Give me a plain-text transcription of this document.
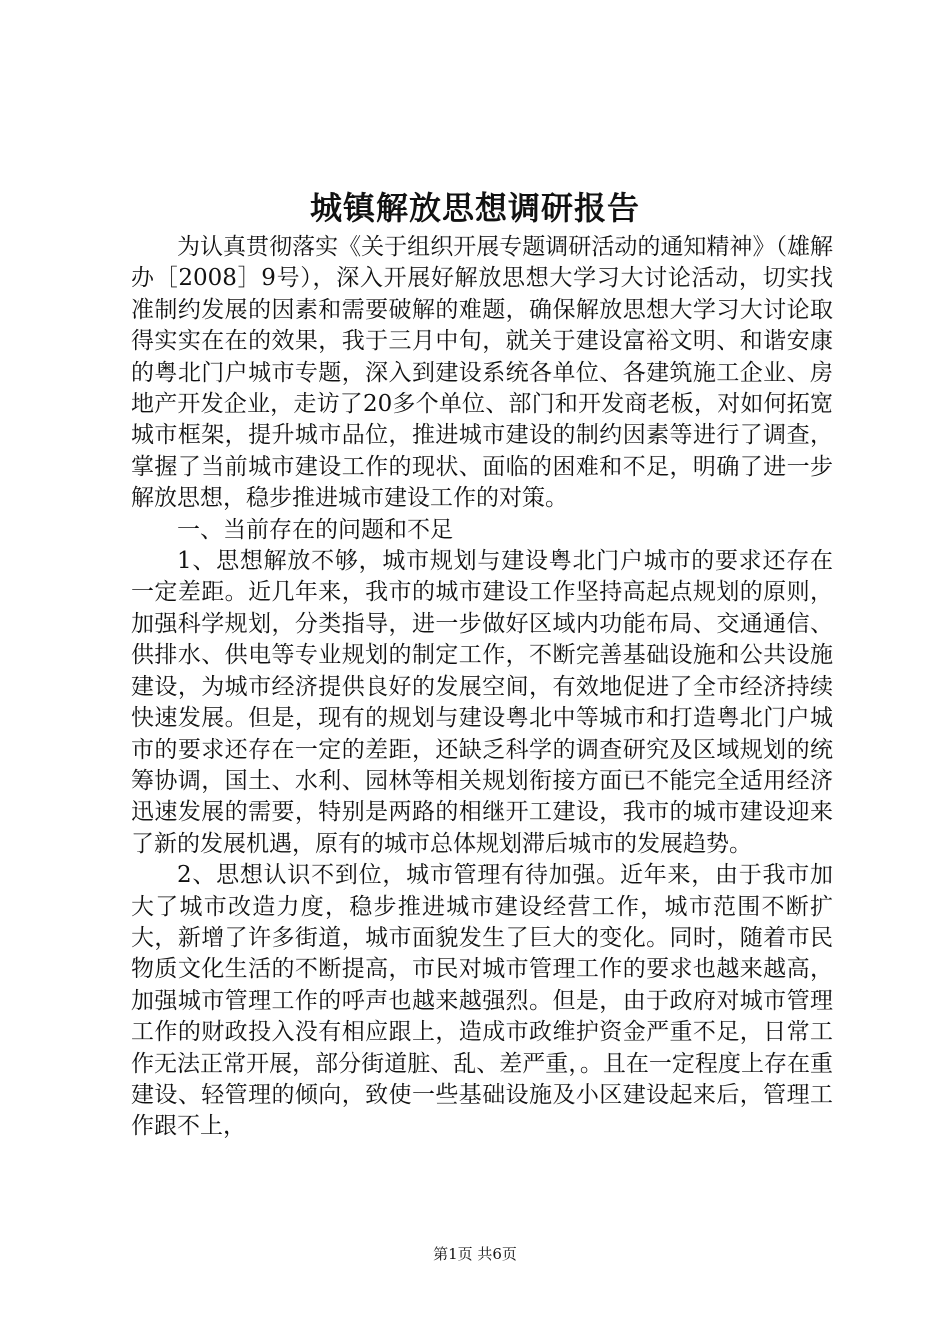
城镇解放思想调研报告

为认真贯彻落实《关于组织开展专题调研活动的通知精神》（雄解办［2008］9号），深入开展好解放思想大学习大讨论活动，切实找准制约发展的因素和需要破解的难题，确保解放思想大学习大讨论取得实实在在的效果，我于三月中旬，就关于建设富裕文明、和谐安康的粤北门户城市专题，深入到建设系统各单位、各建筑施工企业、房地产开发企业，走访了20多个单位、部门和开发商老板，对如何拓宽城市框架，提升城市品位，推进城市建设的制约因素等进行了调查，掌握了当前城市建设工作的现状、面临的困难和不足，明确了进一步解放思想，稳步推进城市建设工作的对策。

一、当前存在的问题和不足

1、思想解放不够，城市规划与建设粤北门户城市的要求还存在一定差距。近几年来，我市的城市建设工作坚持高起点规划的原则，加强科学规划，分类指导，进一步做好区域内功能布局、交通通信、供排水、供电等专业规划的制定工作，不断完善基础设施和公共设施建设，为城市经济提供良好的发展空间，有效地促进了全市经济持续快速发展。但是，现有的规划与建设粤北中等城市和打造粤北门户城市的要求还存在一定的差距，还缺乏科学的调查研究及区域规划的统筹协调，国土、水利、园林等相关规划衔接方面已不能完全适用经济迅速发展的需要，特别是两路的相继开工建设，我市的城市建设迎来了新的发展机遇，原有的城市总体规划滞后城市的发展趋势。

2、思想认识不到位，城市管理有待加强。近年来，由于我市加大了城市改造力度，稳步推进城市建设经营工作，城市范围不断扩大，新增了许多街道，城市面貌发生了巨大的变化。同时，随着市民物质文化生活的不断提高，市民对城市管理工作的要求也越来越高，加强城市管理工作的呼声也越来越强烈。但是，由于政府对城市管理工作的财政投入没有相应跟上，造成市政维护资金严重不足，日常工作无法正常开展，部分街道脏、乱、差严重，。且在一定程度上存在重建设、轻管理的倾向，致使一些基础设施及小区建设起来后，管理工作跟不上，

第1页 共6页
